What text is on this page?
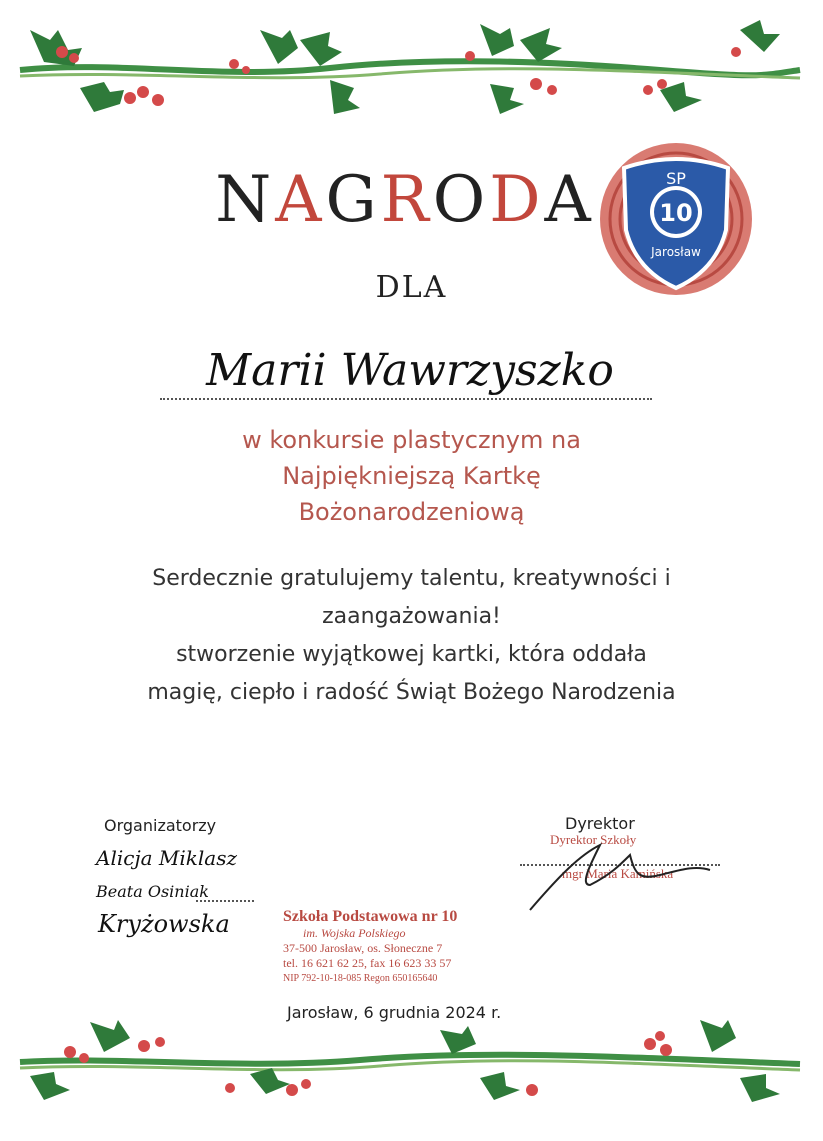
NAGRODA
DLA
10
SP
Jarosław
Marii Wawrzyszko
w konkursie plastycznym na
Najpiękniejszą Kartkę
Bożonarodzeniową
Serdecznie gratulujemy talentu, kreatywności i
zaangażowania!
stworzenie wyjątkowej kartki, która oddała
magię, ciepło i radość Świąt Bożego Narodzenia
Organizatorzy
Alicja Miklasz
Beata Osiniak
Kryżowska
Dyrektor
Dyrektor Szkoły
mgr Maria Kamińska
Szkoła Podstawowa nr 10
im. Wojska Polskiego
37-500 Jarosław, os. Słoneczne 7
tel. 16 621 62 25, fax 16 623 33 57
NIP 792-10-18-085 Regon 650165640
Jarosław, 6 grudnia 2024 r.
